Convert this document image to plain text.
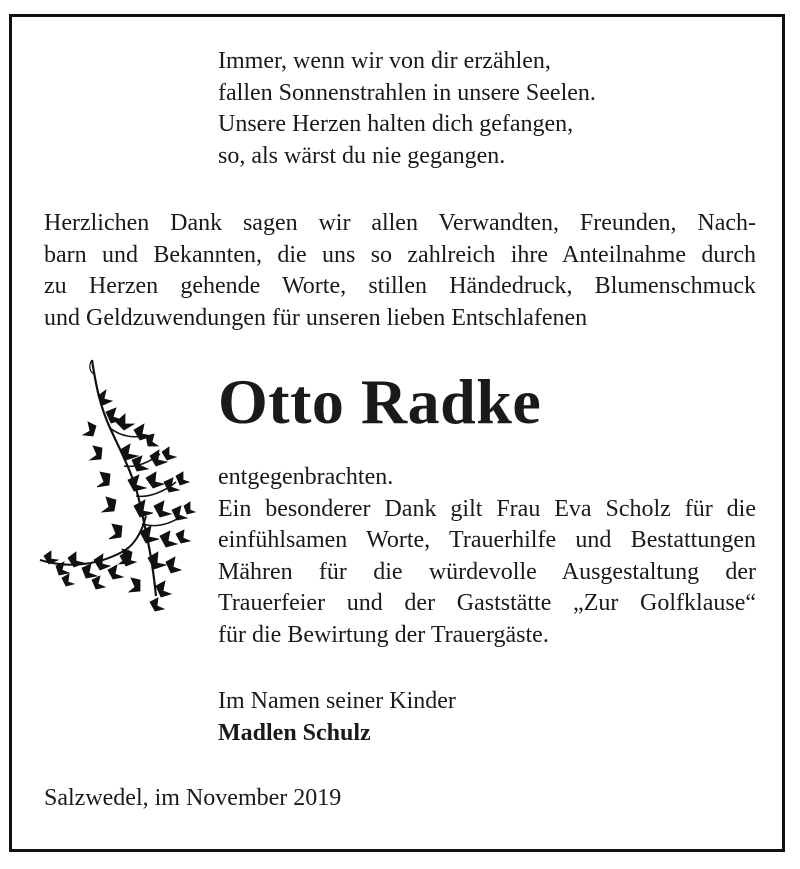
Immer, wenn wir von dir erzählen,
fallen Sonnenstrahlen in unsere Seelen.
Unsere Herzen halten dich gefangen,
so, als wärst du nie gegangen.
Herzlichen Dank sagen wir allen Verwandten, Freunden, Nach-
barn und Bekannten, die uns so zahlreich ihre Anteilnahme durch
zu Herzen gehende Worte, stillen Händedruck, Blumenschmuck
und Geldzuwendungen für unseren lieben Entschlafenen
Otto Radke
entgegenbrachten.
Ein besonderer Dank gilt Frau Eva Scholz für die
einfühlsamen Worte, Trauerhilfe und Bestattungen
Mähren für die würdevolle Ausgestaltung der
Trauerfeier und der Gaststätte „Zur Golfklause“
für die Bewirtung der Trauergäste.
Im Namen seiner Kinder
Madlen Schulz
Salzwedel, im November 2019
